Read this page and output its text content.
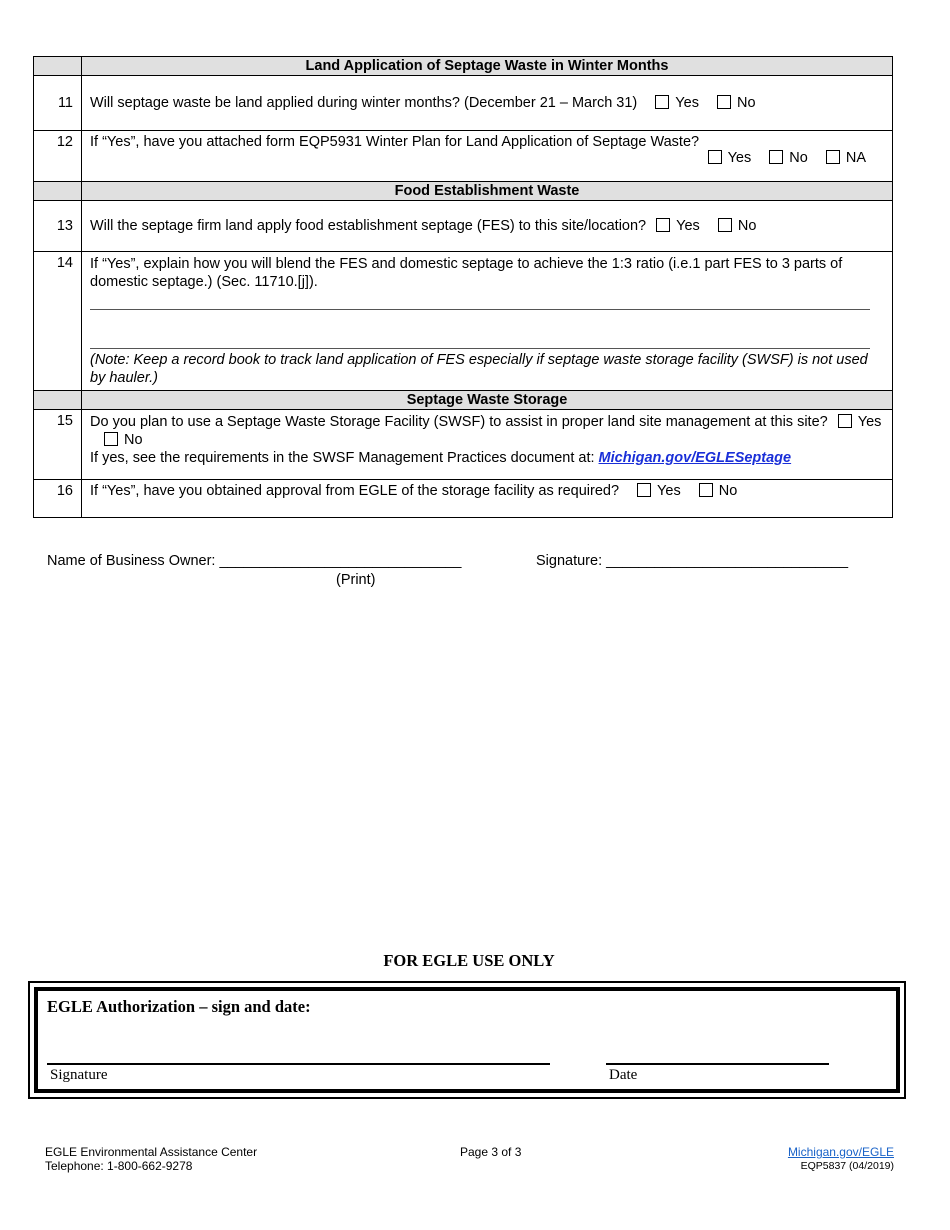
	Land Application of Septage Waste in Winter Months
11	Will septage waste be land applied during winter months? (December 21 – March 31) Yes No
12	If “Yes”, have you attached form EQP5931 Winter Plan for Land Application of Septage Waste?
Yes No NA

	Food Establishment Waste
13	Will the septage firm land apply food establishment septage (FES) to this site/location? Yes No
14	If “Yes”, explain how you will blend the FES and domestic septage to achieve the 1:3 ratio (i.e.1 part FES to 3 parts of domestic septage.) (Sec. 11710.[j]).
(Note: Keep a record book to track land application of FES especially if septage waste storage facility (SWSF) is not used by hauler.)

	Septage Waste Storage
15	Do you plan to use a Septage Waste Storage Facility (SWSF) to assist in proper land site management at this site? Yes No
If yes, see the requirements in the SWSF Management Practices document at: Michigan.gov/EGLESeptage

16	If “Yes”, have you obtained approval from EGLE of the storage facility as required? Yes No
Name of Business Owner: ______________________________	Signature: ______________________________
(Print)
FOR EGLE USE ONLY
EGLE Authorization – sign and date:
Signature	Date
EGLE Environmental Assistance Center
Telephone: 1-800-662-9278
Page 3 of 3	Michigan.gov/EGLE
EQP5837 (04/2019)
